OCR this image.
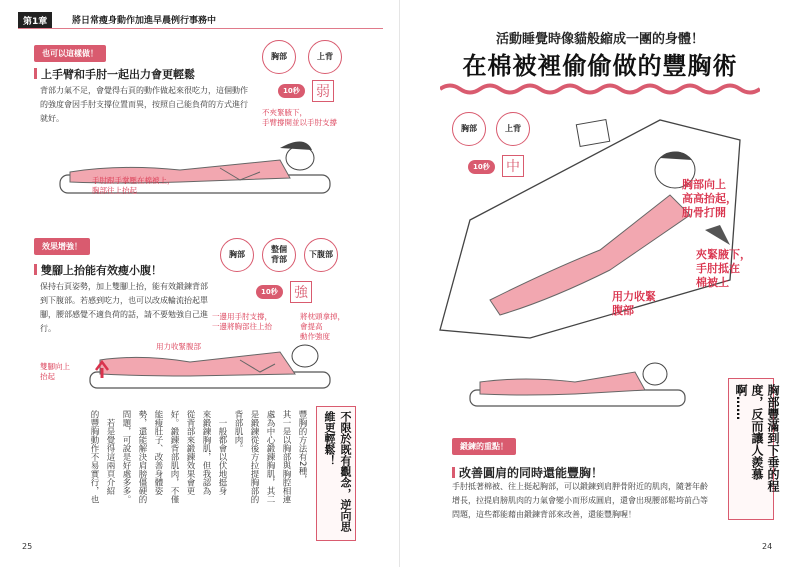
第1章	將日常瘦身動作加進早晨例行事務中
也可以這樣做！
上手臂和手肘一起出力會更輕鬆
背部力氣不足，會覺得右頁的動作做起來很吃力，這個動作的強度會因手肘支撐位置而異，按照自己能負荷的方式進行就好。
胸部	上背
10秒	弱
不夾緊腋下，
手臂撐開並以手肘支撐
手肘跟手掌壓在棉被上，
胸部往上抬起
效果增強！
雙腳上抬能有效瘦小腹！
保持右頁姿勢，加上雙腳上抬，能有效鍛鍊背部到下腹部。若感到吃力，也可以改成輪流抬起單腳，腰部感覺不適負荷的話，請不要勉強自己進行。
胸部
整個
背部
下腹部
10秒	強
一邊用手肘支撐，
一邊將胸部往上抬
將枕頭拿掉，
會提高
動作強度
用力收緊腹部
雙腳向上
抬起
不限於既有觀念，逆向思維更輕鬆！
豐胸的方法有2種，
其一是以胸部與胸腔相連
處為中心鍛鍊胸肌，其二
是鍛鍊從後方拉提胸部的
背部肌肉。
　一般都會以伏地挺身
來鍛鍊胸肌，但我認為
從背部來鍛鍊效果會更
好。鍛鍊背部肌肉，不僅
能瘦肚子、改善身體姿
勢，還能解決肩膀僵硬的
問題，可說是好處多多。
　若是覺得這兩頁介紹
的豐胸動作不易實行，也
25
活動睡覺時像貓般縮成一團的身體！
在棉被裡偷偷做的豐胸術
胸部	上背
10秒	中
胸部向上
高高抬起，
肋骨打開
夾緊腋下，
手肘抵在
棉被上
用力收緊
腹部
胸部豐滿到下垂的程度，反而讓人羨慕啊……
鍛鍊的重點！
改善圓肩的同時還能豐胸！
手肘抵著棉被、往上挺起胸部，可以鍛鍊到肩胛骨附近的肌肉，隨著年齡增長，拉提肩膀肌肉的力氣會變小而形成圓肩，還會出現腰部鬆垮前凸等問題，這些都能藉由鍛鍊背部來改善，還能豐胸喔！
24
